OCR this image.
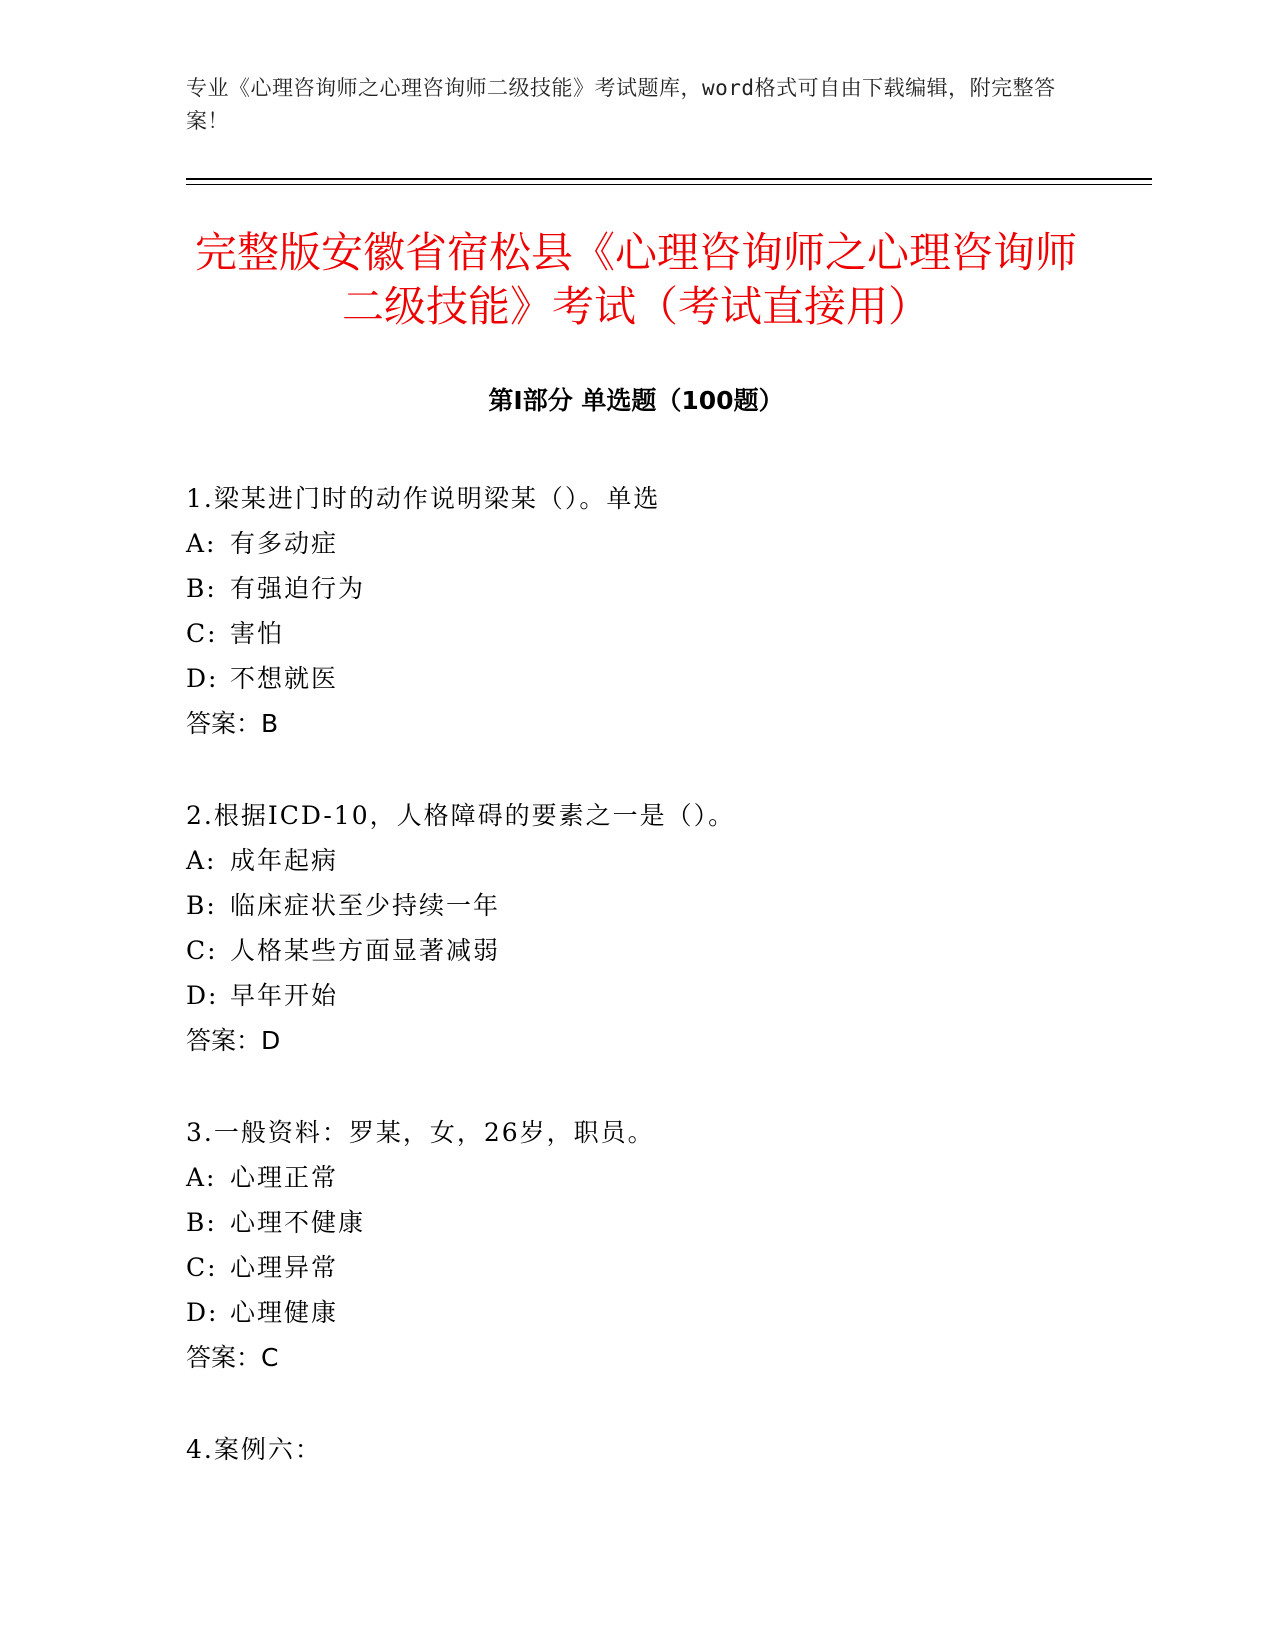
专业《心理咨询师之心理咨询师二级技能》考试题库，word格式可自由下载编辑，附完整答案！
完整版安徽省宿松县《心理咨询师之心理咨询师二级技能》考试（考试直接用）
第Ⅰ部分 单选题（100题）
1.梁某进门时的动作说明梁某（）。单选
A: 有多动症
B: 有强迫行为
C: 害怕
D: 不想就医
答案：B
2.根据ICD-10，人格障碍的要素之一是（）。
A: 成年起病
B: 临床症状至少持续一年
C: 人格某些方面显著减弱
D: 早年开始
答案：D
3.一般资料：罗某，女，26岁，职员。
A: 心理正常
B: 心理不健康
C: 心理异常
D: 心理健康
答案：C
4.案例六：
